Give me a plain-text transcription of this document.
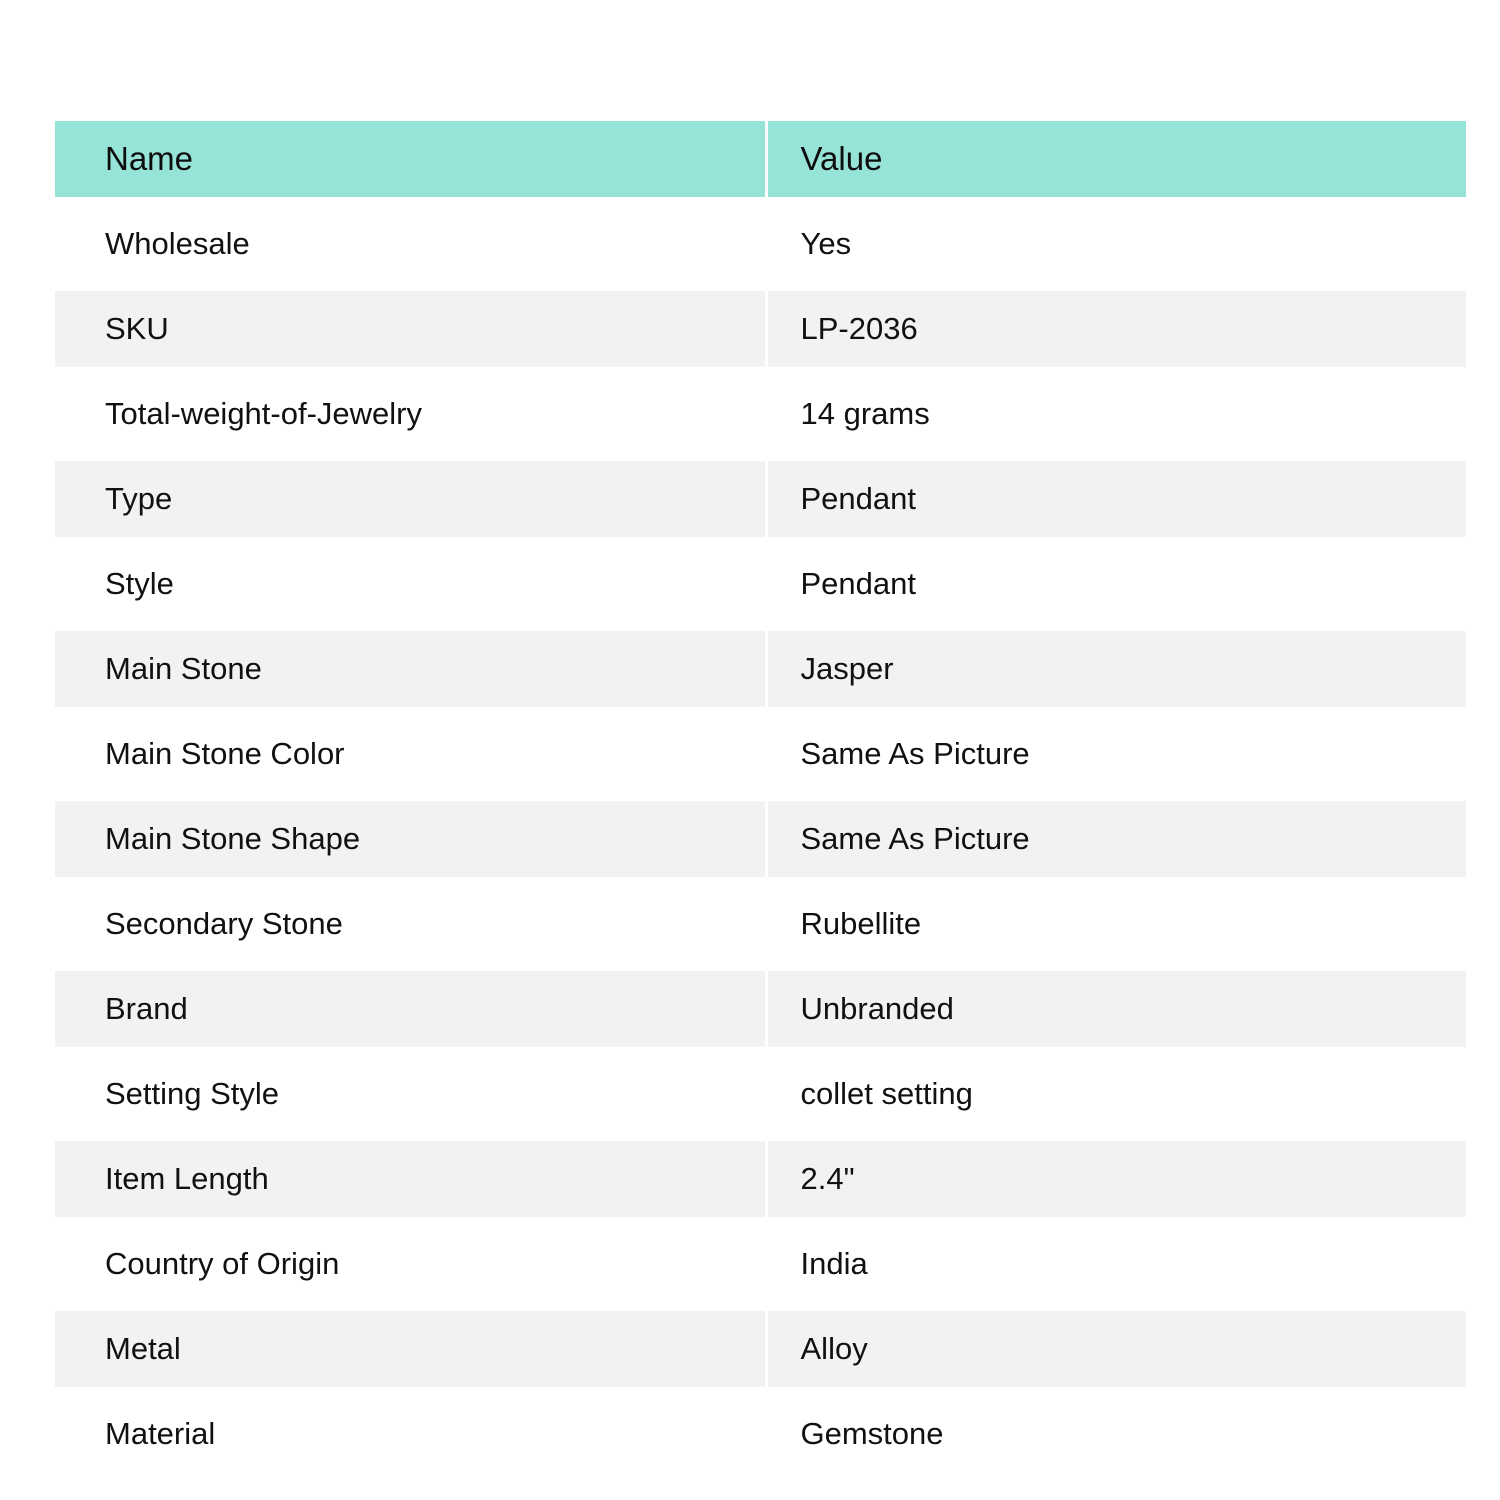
Name	Value
Wholesale	Yes
SKU	LP-2036
Total-weight-of-Jewelry	14 grams
Type	Pendant
Style	Pendant
Main Stone	Jasper
Main Stone Color	Same As Picture
Main Stone Shape	Same As Picture
Secondary Stone	Rubellite
Brand	Unbranded
Setting Style	collet setting
Item Length	2.4"
Country of Origin	India
Metal	Alloy
Material	Gemstone
